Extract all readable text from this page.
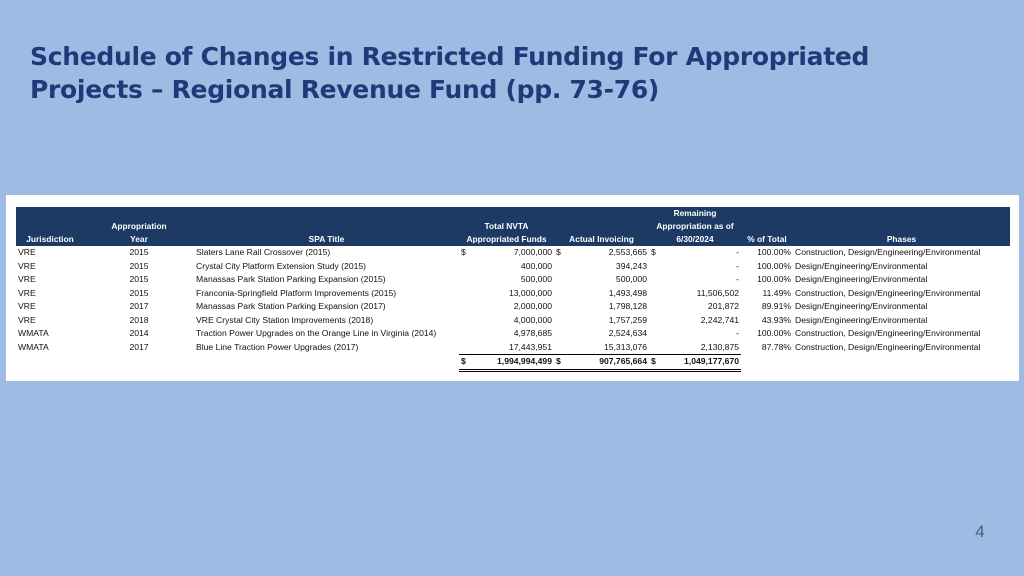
Schedule of Changes in Restricted Funding For Appropriated
Projects – Regional Revenue Fund (pp. 73-76)
					Remaining		
	Appropriation		Total NVTA		Appropriation as of		
Jurisdiction	Year	SPA Title	Appropriated Funds	Actual Invoicing	6/30/2024	% of Total	Phases
VRE	2015	Slaters Lane Rail Crossover (2015)	$ 7,000,000	$ 2,553,665	$ -	100.00%	Construction, Design/Engineering/Environmental
VRE	2015	Crystal City Platform Extension Study (2015)	400,000	394,243	-	100.00%	Design/Engineering/Environmental
VRE	2015	Manassas Park Station Parking Expansion (2015)	500,000	500,000	-	100.00%	Design/Engineering/Environmental
VRE	2015	Franconia-Springfield Platform Improvements (2015)	13,000,000	1,493,498	11,506,502	11.49%	Construction, Design/Engineering/Environmental
VRE	2017	Manassas Park Station Parking Expansion (2017)	2,000,000	1,798,128	201,872	89.91%	Design/Engineering/Environmental
VRE	2018	VRE Crystal City Station Improvements (2018)	4,000,000	1,757,259	2,242,741	43.93%	Design/Engineering/Environmental
WMATA	2014	Traction Power Upgrades on the Orange Line in Virginia (2014)	4,978,685	2,524,634	-	100.00%	Construction, Design/Engineering/Environmental
WMATA	2017	Blue Line Traction Power Upgrades (2017)	17,443,951	15,313,076	2,130,875	87.78%	Construction, Design/Engineering/Environmental

			$ 1,994,994,499	$ 907,765,664	$ 1,049,177,670		
4
